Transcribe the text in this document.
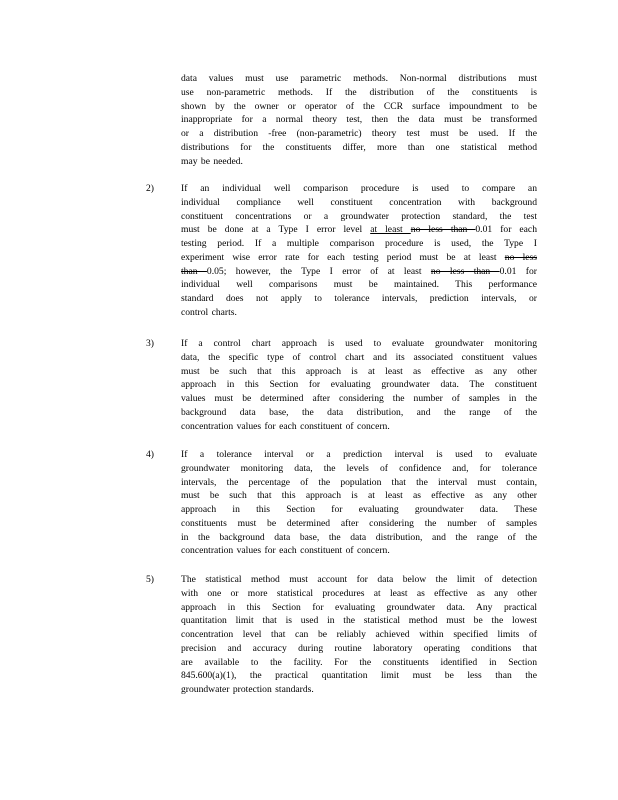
data values must use parametric methods. Non-normal distributions must
use non-parametric methods. If the distribution of the constituents is
shown by the owner or operator of the CCR surface impoundment to be
inappropriate for a normal theory test, then the data must be transformed
or a distribution -free (non-parametric) theory test must be used. If the
distributions for the constituents differ, more than one statistical method
may be needed.
2)	If an individual well comparison procedure is used to compare an
individual compliance well constituent concentration with background
constituent concentrations or a groundwater protection standard, the test
must be done at a Type I error level at least no less than 0.01 for each
testing period. If a multiple comparison procedure is used, the Type I
experiment wise error rate for each testing period must be at least no less
than 0.05; however, the Type I error of at least no less than 0.01 for
individual well comparisons must be maintained. This performance
standard does not apply to tolerance intervals, prediction intervals, or
control charts.
3)	If a control chart approach is used to evaluate groundwater monitoring
data, the specific type of control chart and its associated constituent values
must be such that this approach is at least as effective as any other
approach in this Section for evaluating groundwater data. The constituent
values must be determined after considering the number of samples in the
background data base, the data distribution, and the range of the
concentration values for each constituent of concern.
4)	If a tolerance interval or a prediction interval is used to evaluate
groundwater monitoring data, the levels of confidence and, for tolerance
intervals, the percentage of the population that the interval must contain,
must be such that this approach is at least as effective as any other
approach in this Section for evaluating groundwater data. These
constituents must be determined after considering the number of samples
in the background data base, the data distribution, and the range of the
concentration values for each constituent of concern.
5)	The statistical method must account for data below the limit of detection
with one or more statistical procedures at least as effective as any other
approach in this Section for evaluating groundwater data. Any practical
quantitation limit that is used in the statistical method must be the lowest
concentration level that can be reliably achieved within specified limits of
precision and accuracy during routine laboratory operating conditions that
are available to the facility. For the constituents identified in Section
845.600(a)(1), the practical quantitation limit must be less than the
groundwater protection standards.
